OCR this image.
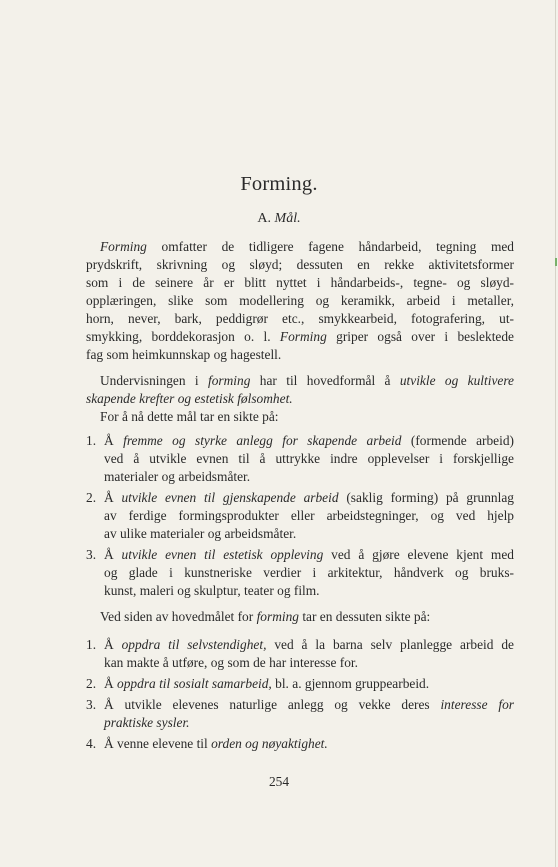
Forming.
A. Mål.
Forming omfatter de tidligere fagene håndarbeid, tegning med
prydskrift, skrivning og sløyd; dessuten en rekke aktivitetsformer
som i de seinere år er blitt nyttet i håndarbeids-, tegne- og sløyd-
opplæringen, slike som modellering og keramikk, arbeid i metaller,
horn, never, bark, peddigrør etc., smykkearbeid, fotografering, ut-
smykking, borddekorasjon o. l. Forming griper også over i beslektede
fag som heimkunnskap og hagestell.
Undervisningen i forming har til hovedformål å utvikle og kultivere
skapende krefter og estetisk følsomhet.
For å nå dette mål tar en sikte på:
1. Å fremme og styrke anlegg for skapende arbeid (formende arbeid)
ved å utvikle evnen til å uttrykke indre opplevelser i forskjellige
materialer og arbeidsmåter.
2. Å utvikle evnen til gjenskapende arbeid (saklig forming) på grunnlag
av ferdige formingsprodukter eller arbeidstegninger, og ved hjelp
av ulike materialer og arbeidsmåter.
3. Å utvikle evnen til estetisk oppleving ved å gjøre elevene kjent med
og glade i kunstneriske verdier i arkitektur, håndverk og bruks-
kunst, maleri og skulptur, teater og film.
Ved siden av hovedmålet for forming tar en dessuten sikte på:
1. Å oppdra til selvstendighet, ved å la barna selv planlegge arbeid de
kan makte å utføre, og som de har interesse for.
2. Å oppdra til sosialt samarbeid, bl. a. gjennom gruppearbeid.
3. Å utvikle elevenes naturlige anlegg og vekke deres interesse for
praktiske sysler.
4. Å venne elevene til orden og nøyaktighet.
254
